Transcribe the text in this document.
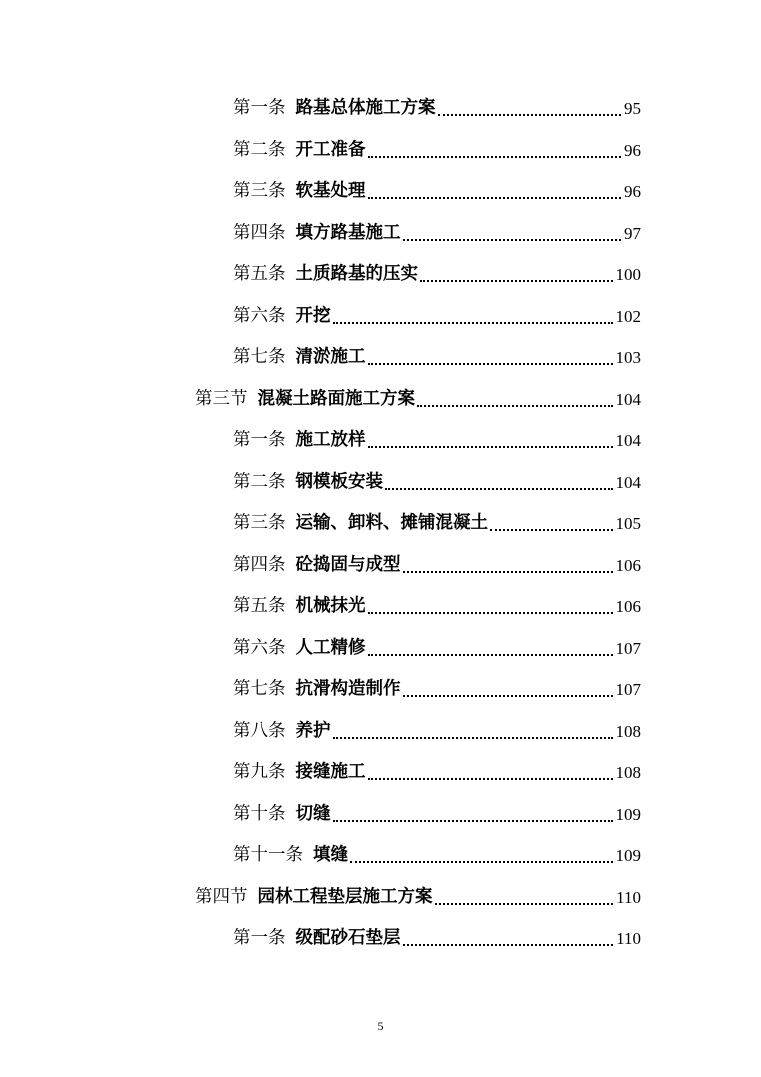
第一条 路基总体施工方案	95
第二条 开工准备	96
第三条 软基处理	96
第四条 填方路基施工	97
第五条 土质路基的压实	100
第六条 开挖	102
第七条 清淤施工	103
第三节 混凝土路面施工方案	104
第一条 施工放样	104
第二条 钢模板安装	104
第三条 运输、卸料、摊铺混凝土	105
第四条 砼捣固与成型	106
第五条 机械抹光	106
第六条 人工精修	107
第七条 抗滑构造制作	107
第八条 养护	108
第九条 接缝施工	108
第十条 切缝	109
第十一条 填缝	109
第四节 园林工程垫层施工方案	110
第一条 级配砂石垫层	110
5
